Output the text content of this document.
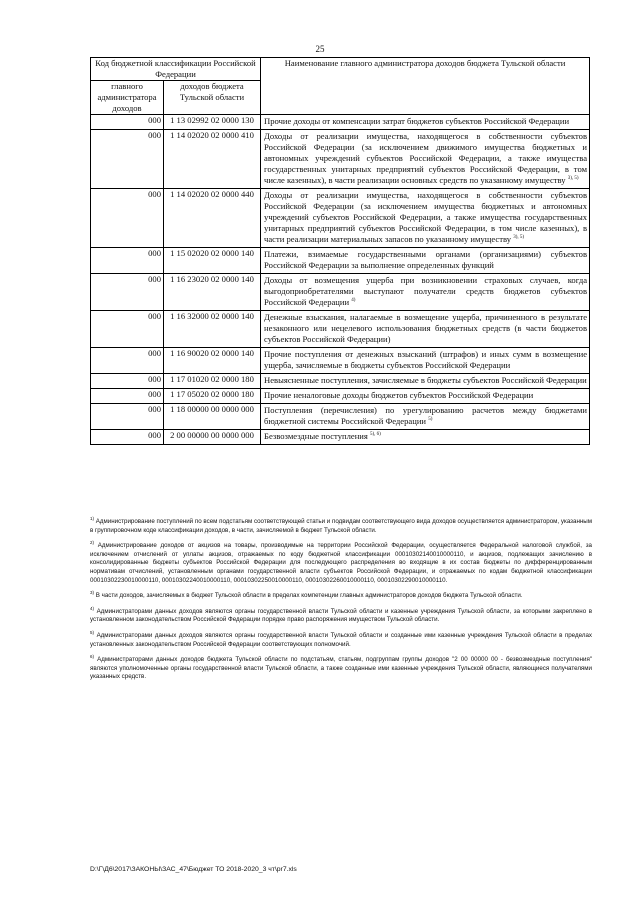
25
Код бюджетной классификации Российской Федерации		Наименование главного администратора доходов бюджета Тульской области
главного администратора доходов	доходов бюджета Тульской области	
000	1 13 02992 02 0000 130	Прочие доходы от компенсации затрат бюджетов субъектов Российской Федерации
000	1 14 02020 02 0000 410	Доходы от реализации имущества, находящегося в собственности субъектов Российской Федерации (за исключением движимого имущества бюджетных и автономных учреждений субъектов Российской Федерации, а также имущества государственных унитарных предприятий субъектов Российской Федерации, в том числе казенных), в части реализации основных средств по указанному имуществу $^{3), 5)}$
000	1 14 02020 02 0000 440	Доходы от реализации имущества, находящегося в собственности субъектов Российской Федерации (за исключением имущества бюджетных и автономных учреждений субъектов Российской Федерации, а также имущества государственных унитарных предприятий субъектов Российской Федерации, в том числе казенных), в части реализации материальных запасов по указанному имуществу $^{3), 5)}$
000	1 15 02020 02 0000 140	Платежи, взимаемые государственными органами (организациями) субъектов Российской Федерации за выполнение определенных функций
000	1 16 23020 02 0000 140	Доходы от возмещения ущерба при возникновении страховых случаев, когда выгодоприобретателями выступают получатели средств бюджетов субъектов Российской Федерации $^{4)}$
000	1 16 32000 02 0000 140	Денежные взыскания, налагаемые в возмещение ущерба, причиненного в результате незаконного или нецелевого использования бюджетных средств (в части бюджетов субъектов Российской Федерации)
000	1 16 90020 02 0000 140	Прочие поступления от денежных взысканий (штрафов) и иных сумм в возмещение ущерба, зачисляемые в бюджеты субъектов Российской Федерации
000	1 17 01020 02 0000 180	Невыясненные поступления, зачисляемые в бюджеты субъектов Российской Федерации
000	1 17 05020 02 0000 180	Прочие неналоговые доходы бюджетов субъектов Российской Федерации
000	1 18 00000 00 0000 000	Поступления (перечисления) по урегулированию расчетов между бюджетами бюджетной системы Российской Федерации $^{5)}$
000	2 00 00000 00 0000 000	Безвозмездные поступления $^{5), 6)}$

$^{1)}$ Администрирование поступлений по всем подстатьям соответствующей статьи и подвидам соответствующего вида доходов осуществляется администратором, указанным в группировочном коде классификации доходов, в части, зачисляемой в бюджет Тульской области.

$^{2)}$ Администрирование доходов от акцизов на товары, производимые на территории Российской Федерации, осуществляется Федеральной налоговой службой, за исключением отчислений от уплаты акцизов, отражаемых по коду бюджетной классификации 00010302140010000110, и акцизов, подлежащих зачислению в консолидированные бюджеты субъектов Российской Федерации для последующего распределения во входящие в их состав бюджеты по дифференцированным нормативам отчислений, установленным органами государственной власти субъектов Российской Федерации, и отражаемых по кодам бюджетной классификации 00010302230010000110, 00010302240010000110, 00010302250010000110, 00010302260010000110, 00010302290010000110.

$^{3)}$ В части доходов, зачисляемых в бюджет Тульской области в пределах компетенции главных администраторов доходов бюджета Тульской области.

$^{4)}$ Администраторами данных доходов являются органы государственной власти Тульской области и казенные учреждения Тульской области, за которыми закреплено в установленном законодательством Российской Федерации порядке право распоряжения имуществом Тульской области.

$^{5)}$ Администраторами данных доходов являются органы государственной власти Тульской области и созданные ими казенные учреждения Тульской области в пределах установленных законодательством Российской Федерации соответствующих полномочий.

$^{6)}$ Администраторами данных доходов бюджета Тульской области по подстатьям, статьям, подгруппам группы доходов "2 00 00000 00 - безвозмездные поступления" являются уполномоченные органы государственной власти Тульской области, а также созданные ими казенные учреждения Тульской области, являющиеся получателями указанных средств.

D:\Г\Д6\2017\ЗАКОНЫ\ЗАС_47\Бюджет ТО 2018-2020_3 чт\pr7.xls
